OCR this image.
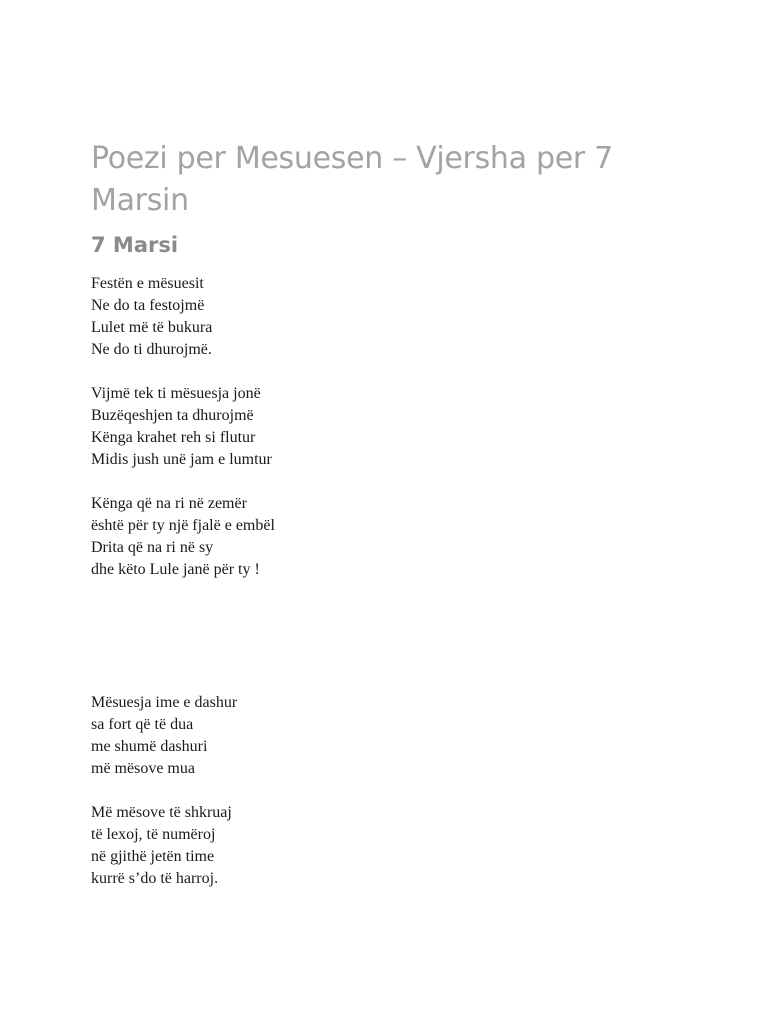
Poezi per Mesuesen – Vjersha per 7 Marsin
7 Marsi

Festën e mësuesit
Ne do ta festojmë
Lulet më të bukura
Ne do ti dhurojmë.

Vijmë tek ti mësuesja jonë
Buzëqeshjen ta dhurojmë
Kënga krahet reh si flutur
Midis jush unë jam e lumtur

Kënga që na ri në zemër
është për ty një fjalë e embël
Drita që na ri në sy
dhe këto Lule janë për ty !

Mësuesja ime e dashur
sa fort që të dua
me shumë dashuri
më mësove mua

Më mësove të shkruaj
të lexoj, të numëroj
në gjithë jetën time
kurrë s’do të harroj.
